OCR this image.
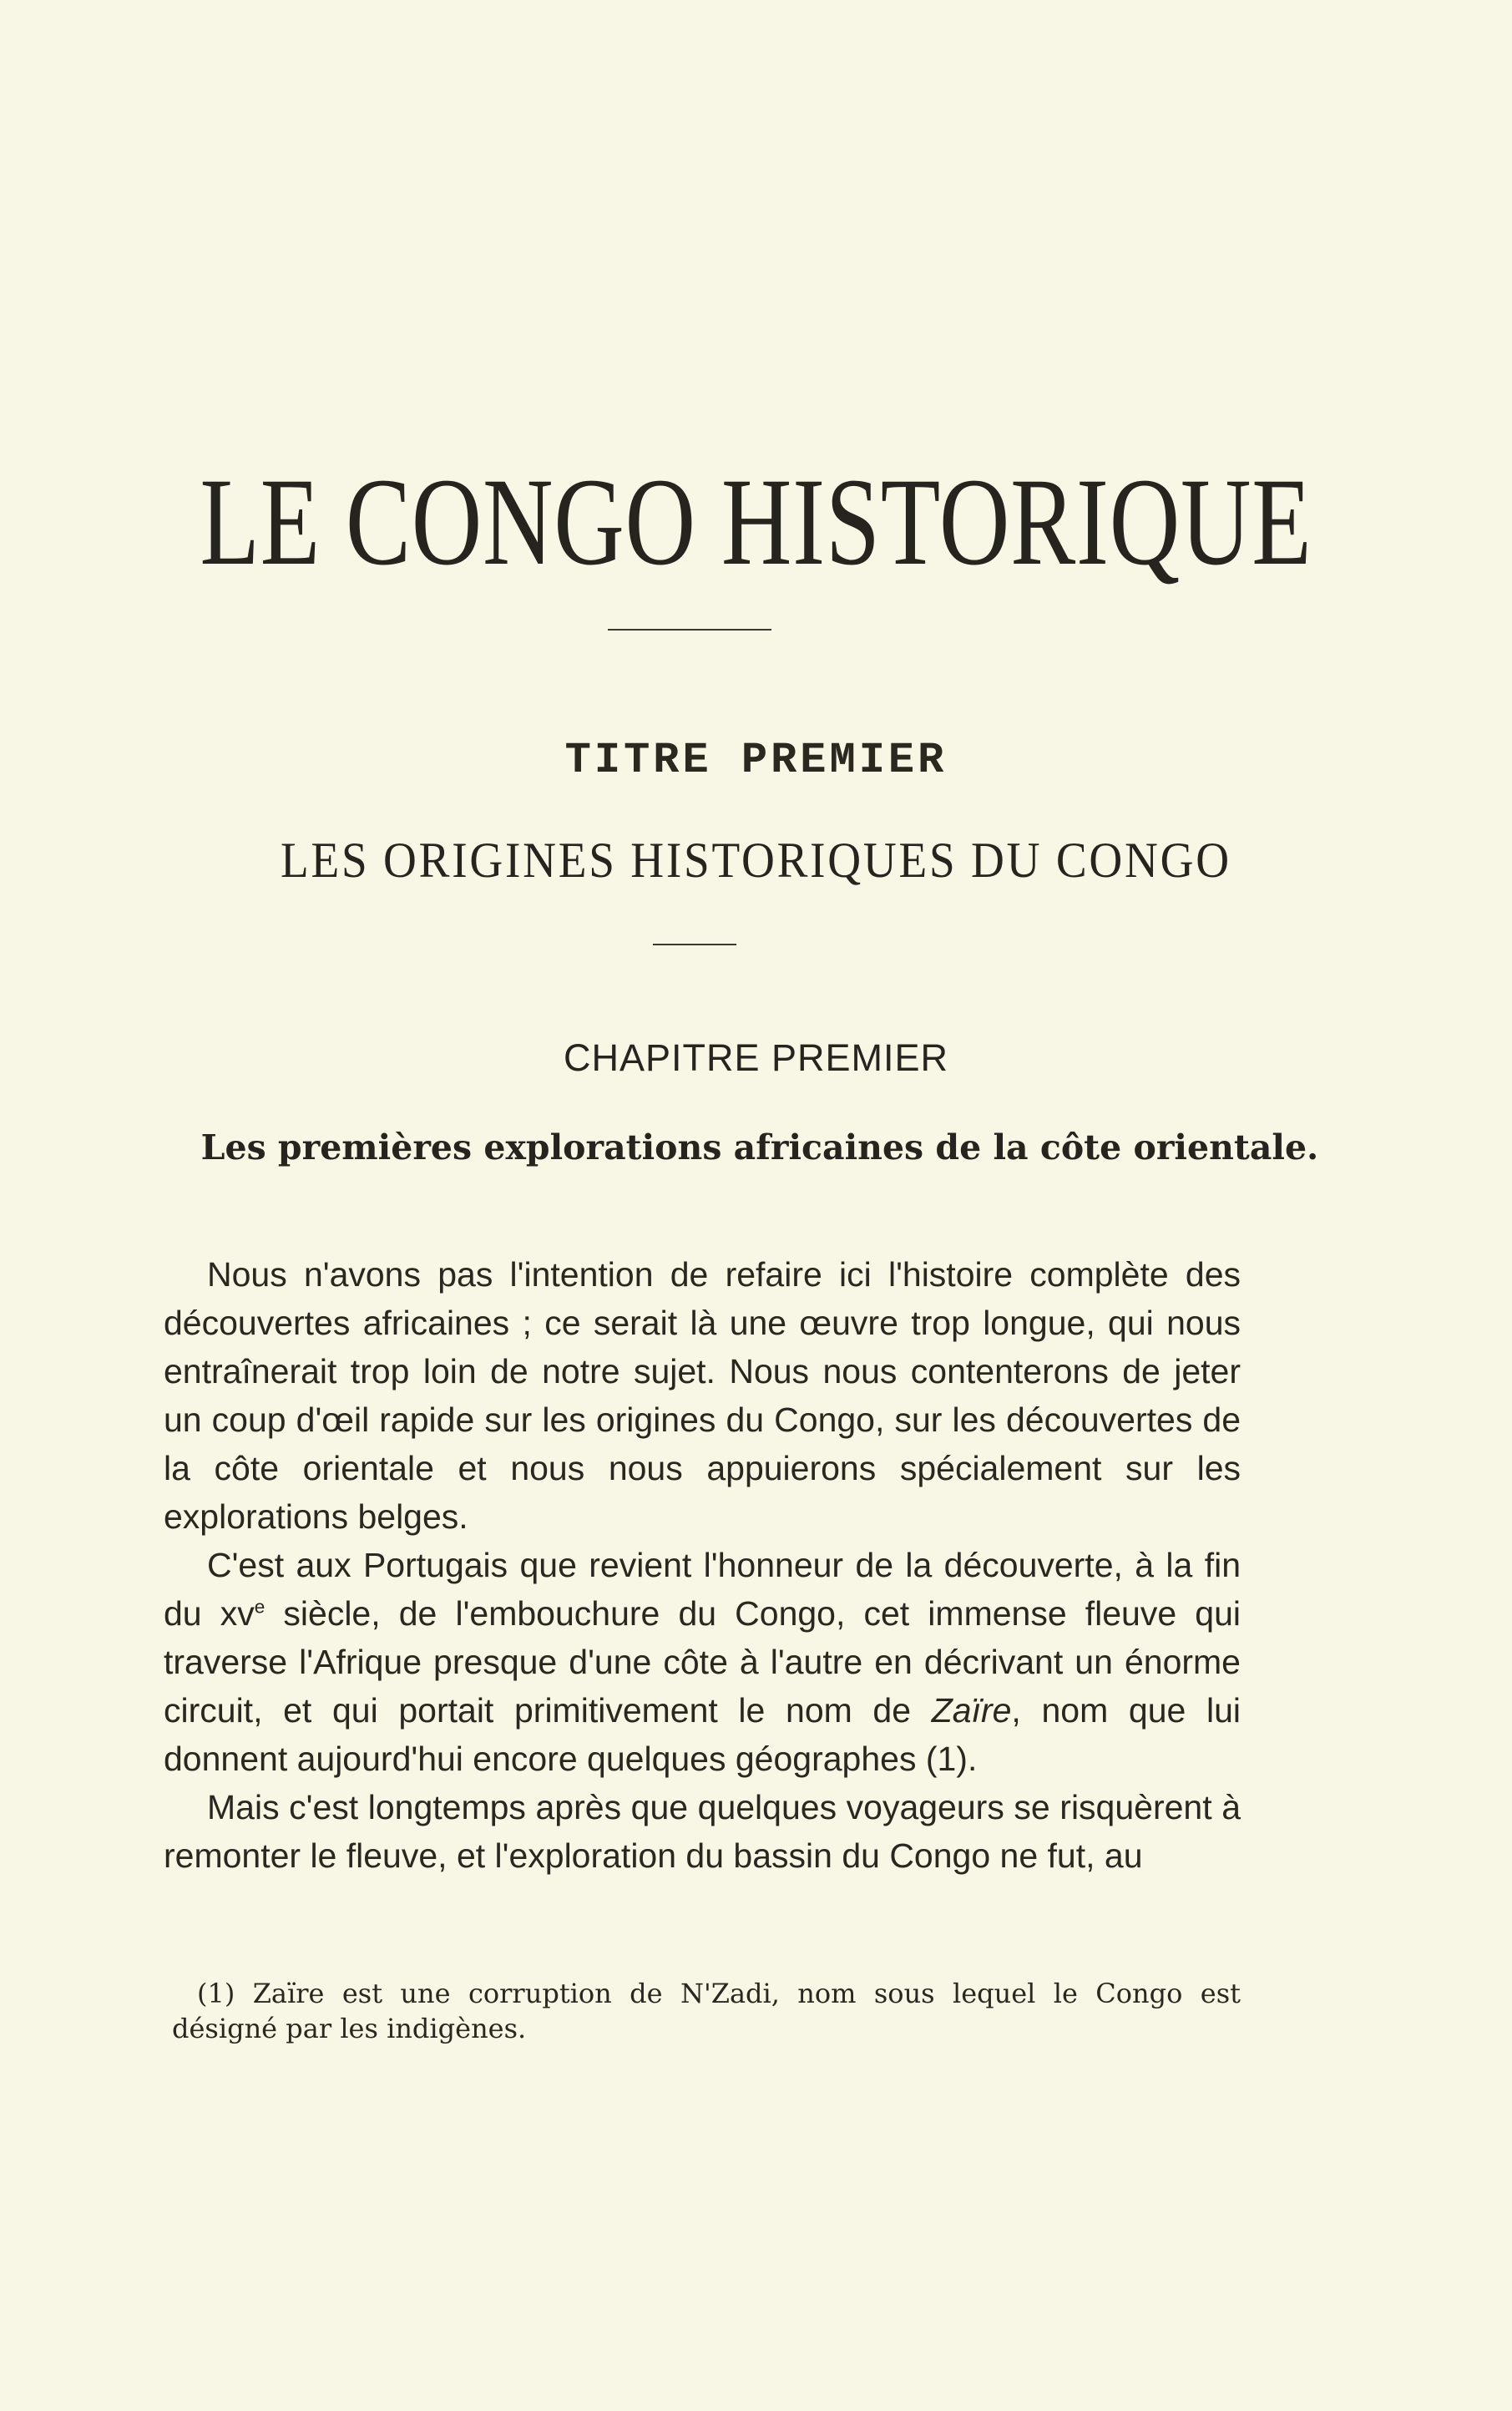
LE CONGO HISTORIQUE
TITRE PREMIER
LES ORIGINES HISTORIQUES DU CONGO
CHAPITRE PREMIER
Les premières explorations africaines de la côte orientale.

Nous n'avons pas l'intention de refaire ici l'histoire complète des découvertes africaines ; ce serait là une œuvre trop longue, qui nous entraînerait trop loin de notre sujet. Nous nous contenterons de jeter un coup d'œil rapide sur les origines du Congo, sur les découvertes de la côte orientale et nous nous appuierons spécialement sur les explorations belges.

C'est aux Portugais que revient l'honneur de la découverte, à la fin du $xv^e$ siècle, de l'embouchure du Congo, cet immense fleuve qui traverse l'Afrique presque d'une côte à l'autre en décrivant un énorme circuit, et qui portait primitivement le nom de Zaïre, nom que lui donnent aujourd'hui encore quelques géographes (1).

Mais c'est longtemps après que quelques voyageurs se risquèrent à remonter le fleuve, et l'exploration du bassin du Congo ne fut, au

(1) Zaïre est une corruption de N'Zadi, nom sous lequel le Congo est désigné par les indigènes.
